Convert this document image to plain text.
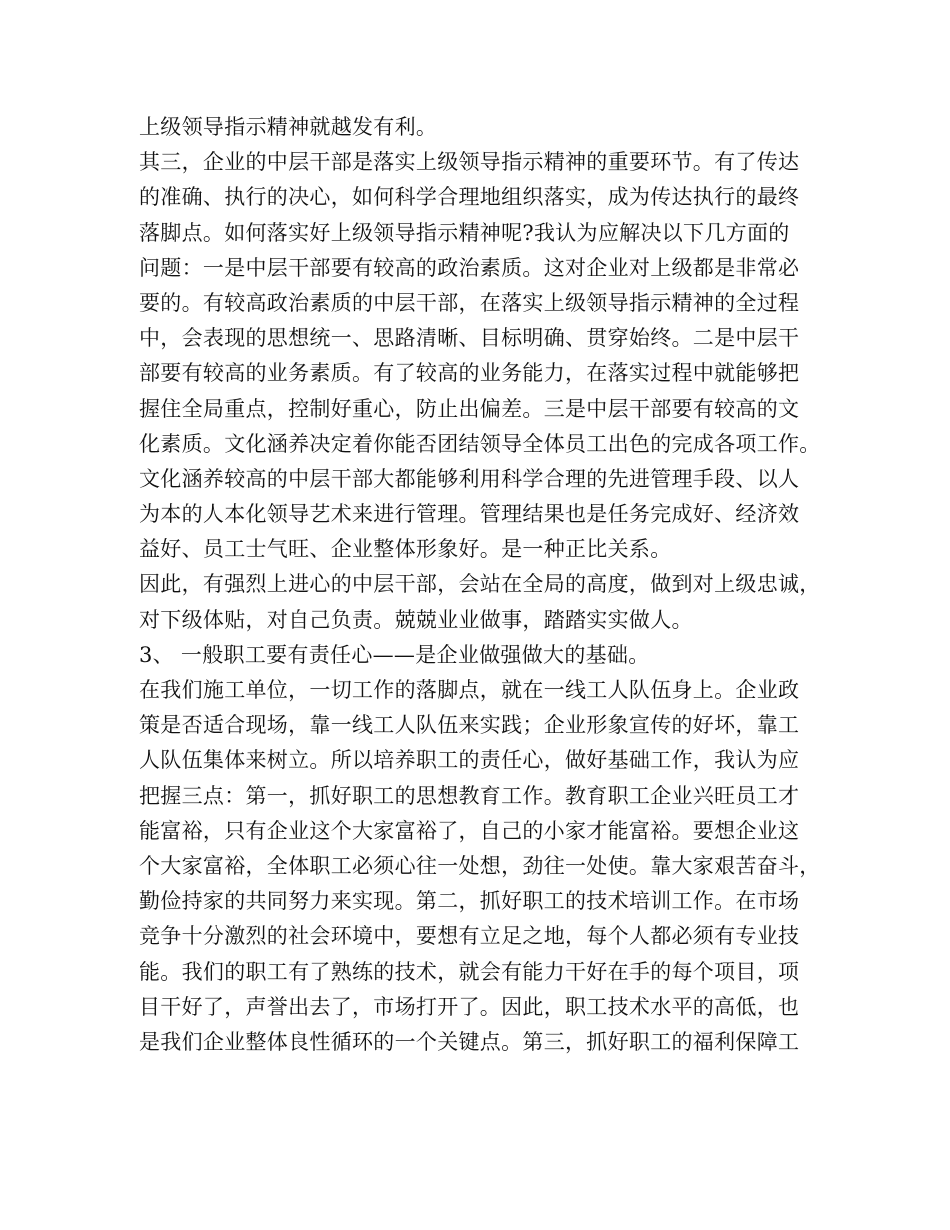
上级领导指示精神就越发有利。
其三，企业的中层干部是落实上级领导指示精神的重要环节。有了传达
的准确、执行的决心，如何科学合理地组织落实，成为传达执行的最终
落脚点。如何落实好上级领导指示精神呢?我认为应解决以下几方面的
问题：一是中层干部要有较高的政治素质。这对企业对上级都是非常必
要的。有较高政治素质的中层干部，在落实上级领导指示精神的全过程
中，会表现的思想统一、思路清晰、目标明确、贯穿始终。二是中层干
部要有较高的业务素质。有了较高的业务能力，在落实过程中就能够把
握住全局重点，控制好重心，防止出偏差。三是中层干部要有较高的文
化素质。文化涵养决定着你能否团结领导全体员工出色的完成各项工作。
文化涵养较高的中层干部大都能够利用科学合理的先进管理手段、以人
为本的人本化领导艺术来进行管理。管理结果也是任务完成好、经济效
益好、员工士气旺、企业整体形象好。是一种正比关系。
因此，有强烈上进心的中层干部，会站在全局的高度，做到对上级忠诚，
对下级体贴，对自己负责。兢兢业业做事，踏踏实实做人。
3、 一般职工要有责任心——是企业做强做大的基础。
在我们施工单位，一切工作的落脚点，就在一线工人队伍身上。企业政
策是否适合现场，靠一线工人队伍来实践；企业形象宣传的好坏，靠工
人队伍集体来树立。所以培养职工的责任心，做好基础工作，我认为应
把握三点：第一，抓好职工的思想教育工作。教育职工企业兴旺员工才
能富裕，只有企业这个大家富裕了，自己的小家才能富裕。要想企业这
个大家富裕，全体职工必须心往一处想，劲往一处使。靠大家艰苦奋斗，
勤俭持家的共同努力来实现。第二，抓好职工的技术培训工作。在市场
竞争十分激烈的社会环境中，要想有立足之地，每个人都必须有专业技
能。我们的职工有了熟练的技术，就会有能力干好在手的每个项目，项
目干好了，声誉出去了，市场打开了。因此，职工技术水平的高低，也
是我们企业整体良性循环的一个关键点。第三，抓好职工的福利保障工
